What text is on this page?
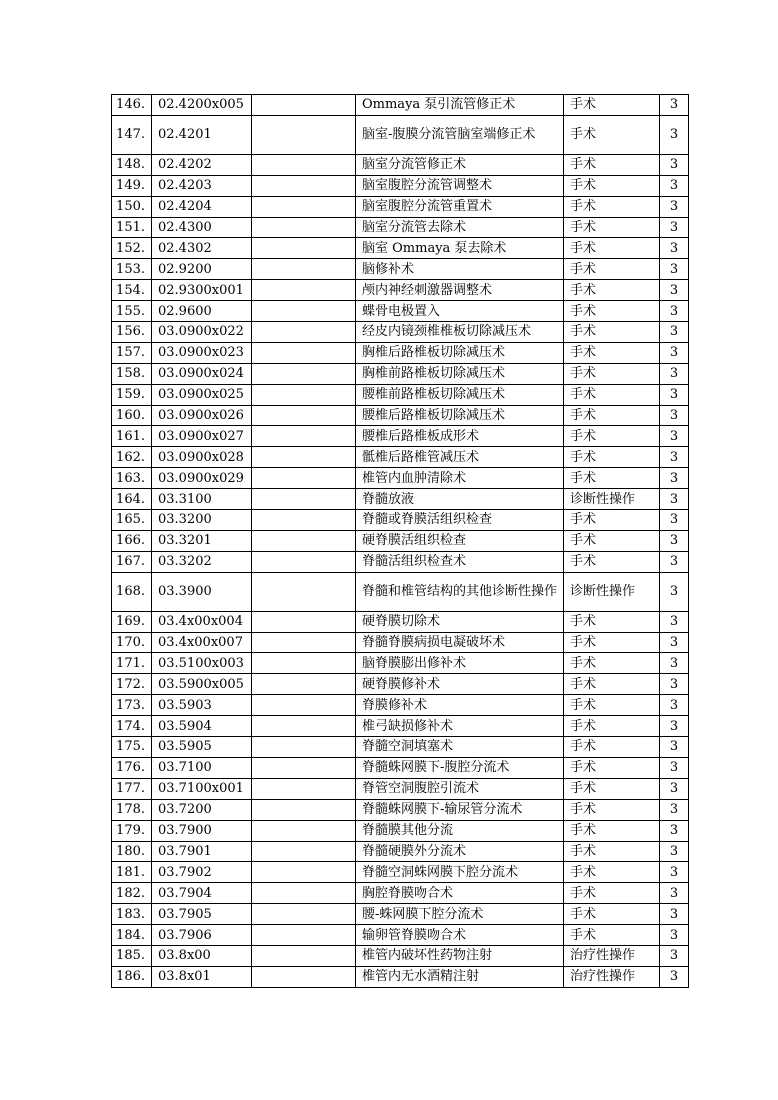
146.	02.4200x005		Ommaya 泵引流管修正术	手术	3
147.	02.4201		脑室-腹膜分流管脑室端修正术	手术	3
148.	02.4202		脑室分流管修正术	手术	3
149.	02.4203		脑室腹腔分流管调整术	手术	3
150.	02.4204		脑室腹腔分流管重置术	手术	3
151.	02.4300		脑室分流管去除术	手术	3
152.	02.4302		脑室 Ommaya 泵去除术	手术	3
153.	02.9200		脑修补术	手术	3
154.	02.9300x001		颅内神经刺激器调整术	手术	3
155.	02.9600		蝶骨电极置入	手术	3
156.	03.0900x022		经皮内镜颈椎椎板切除减压术	手术	3
157.	03.0900x023		胸椎后路椎板切除减压术	手术	3
158.	03.0900x024		胸椎前路椎板切除减压术	手术	3
159.	03.0900x025		腰椎前路椎板切除减压术	手术	3
160.	03.0900x026		腰椎后路椎板切除减压术	手术	3
161.	03.0900x027		腰椎后路椎板成形术	手术	3
162.	03.0900x028		骶椎后路椎管减压术	手术	3
163.	03.0900x029		椎管内血肿清除术	手术	3
164.	03.3100		脊髓放液	诊断性操作	3
165.	03.3200		脊髓或脊膜活组织检查	手术	3
166.	03.3201		硬脊膜活组织检查	手术	3
167.	03.3202		脊髓活组织检查术	手术	3
168.	03.3900		脊髓和椎管结构的其他诊断性操作	诊断性操作	3
169.	03.4x00x004		硬脊膜切除术	手术	3
170.	03.4x00x007		脊髓脊膜病损电凝破坏术	手术	3
171.	03.5100x003		脑脊膜膨出修补术	手术	3
172.	03.5900x005		硬脊膜修补术	手术	3
173.	03.5903		脊膜修补术	手术	3
174.	03.5904		椎弓缺损修补术	手术	3
175.	03.5905		脊髓空洞填塞术	手术	3
176.	03.7100		脊髓蛛网膜下-腹腔分流术	手术	3
177.	03.7100x001		脊管空洞腹腔引流术	手术	3
178.	03.7200		脊髓蛛网膜下-输尿管分流术	手术	3
179.	03.7900		脊髓膜其他分流	手术	3
180.	03.7901		脊髓硬膜外分流术	手术	3
181.	03.7902		脊髓空洞蛛网膜下腔分流术	手术	3
182.	03.7904		胸腔脊膜吻合术	手术	3
183.	03.7905		腰-蛛网膜下腔分流术	手术	3
184.	03.7906		输卵管脊膜吻合术	手术	3
185.	03.8x00		椎管内破坏性药物注射	治疗性操作	3
186.	03.8x01		椎管内无水酒精注射	治疗性操作	3
